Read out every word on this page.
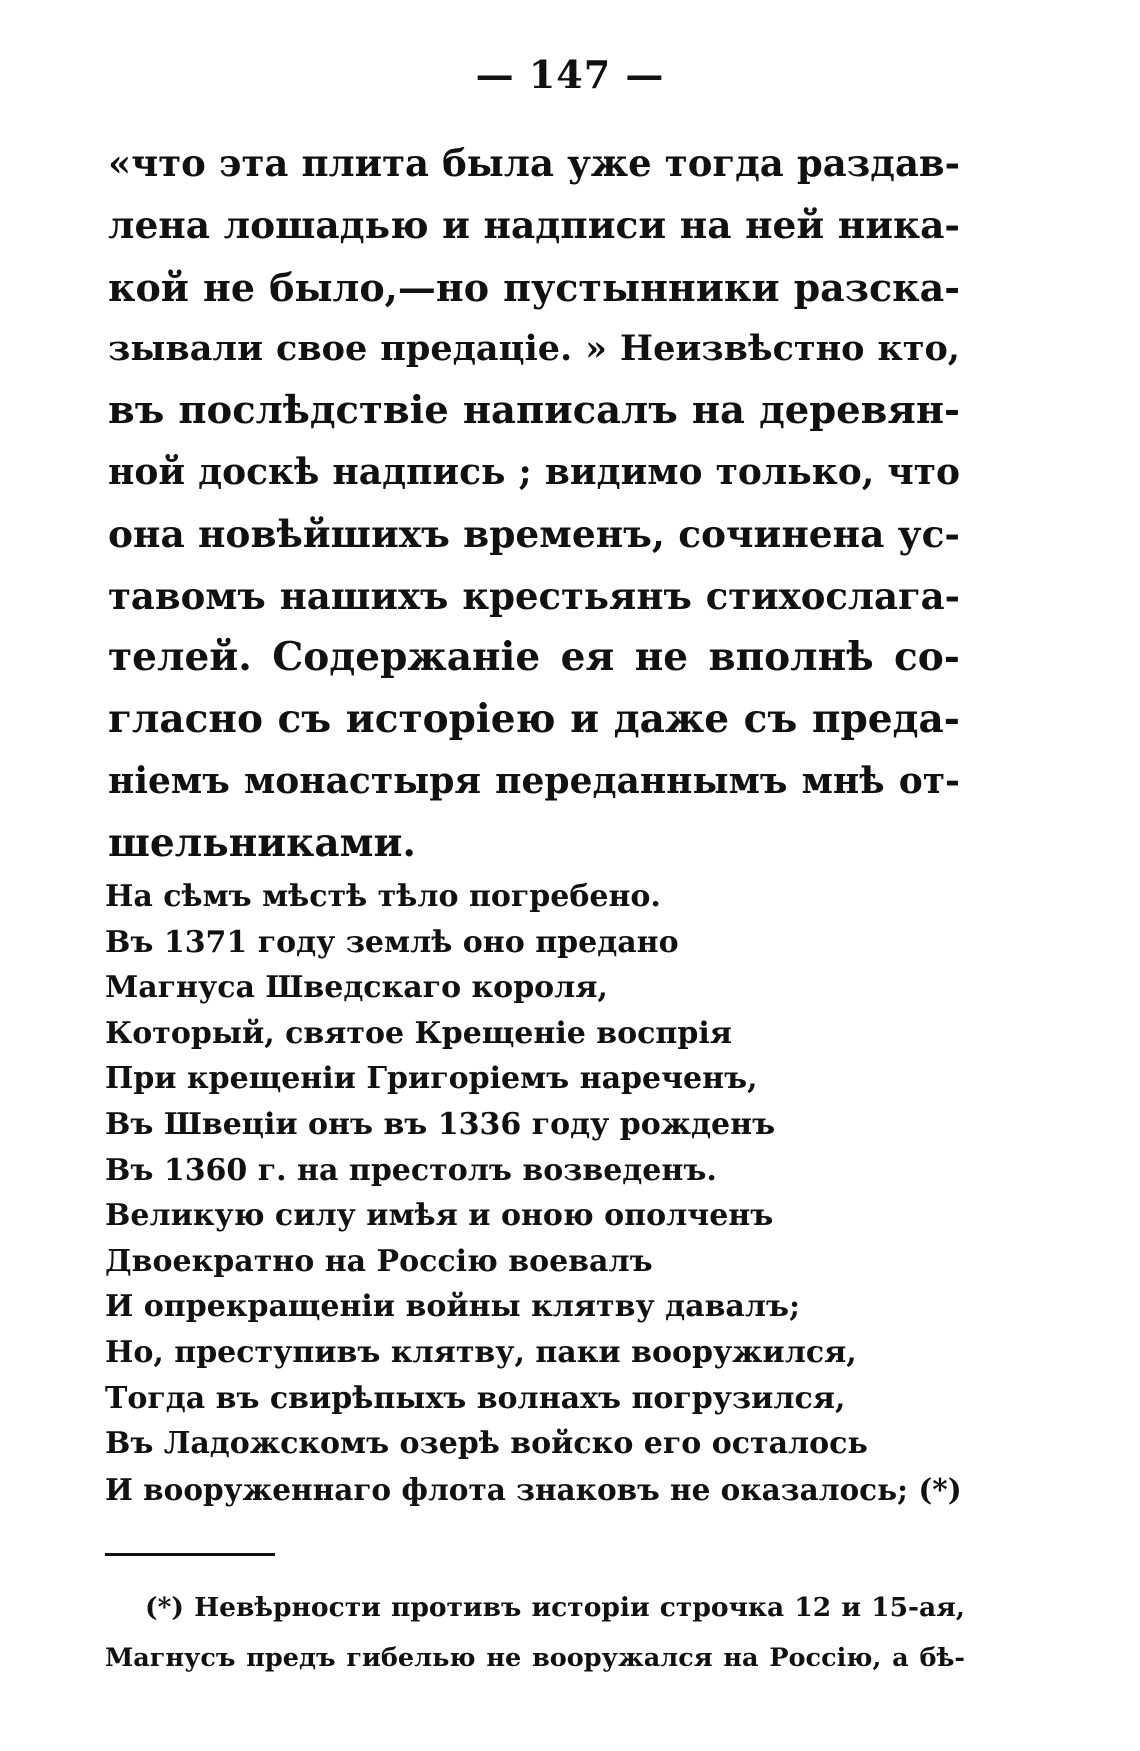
— 147 —
«что эта плита была уже тогда раздав-
лена лошадью и надписи на ней ника-
кой не было,—но пустынники разска-
зывали свое предаціе. » Неизвѣстно кто,
въ послѣдствіе написалъ на деревян-
ной доскѣ надпись ; видимо только, что
она новѣйшихъ временъ, сочинена ус-
тавомъ нашихъ крестьянъ стихослага-
телей. Содержаніе ея не вполнѣ со-
гласно съ исторіею и даже съ преда-
ніемъ монастыря переданнымъ мнѣ от-
шельниками.
На сѣмъ мѣстѣ тѣло погребено.
Въ 1371 году землѣ оно предано
Магнуса Шведскаго короля,
Который, святое Крещеніе воспрія
При крещеніи Григоріемъ нареченъ,
Въ Швеціи онъ въ 1336 году рожденъ
Въ 1360 г. на престолъ возведенъ.
Великую силу имѣя и оною ополченъ
Двоекратно на Россію воевалъ
И опрекращеніи войны клятву давалъ;
Но, преступивъ клятву, паки вооружился,
Тогда въ свирѣпыхъ волнахъ погрузился,
Въ Ладожскомъ озерѣ войско его осталось
И вооруженнаго флота знаковъ не оказалось; (*)
(*) Невѣрности противъ исторіи строчка 12 и 15-ая,
Магнусъ предъ гибелью не вооружался на Россію, а бѣ-
